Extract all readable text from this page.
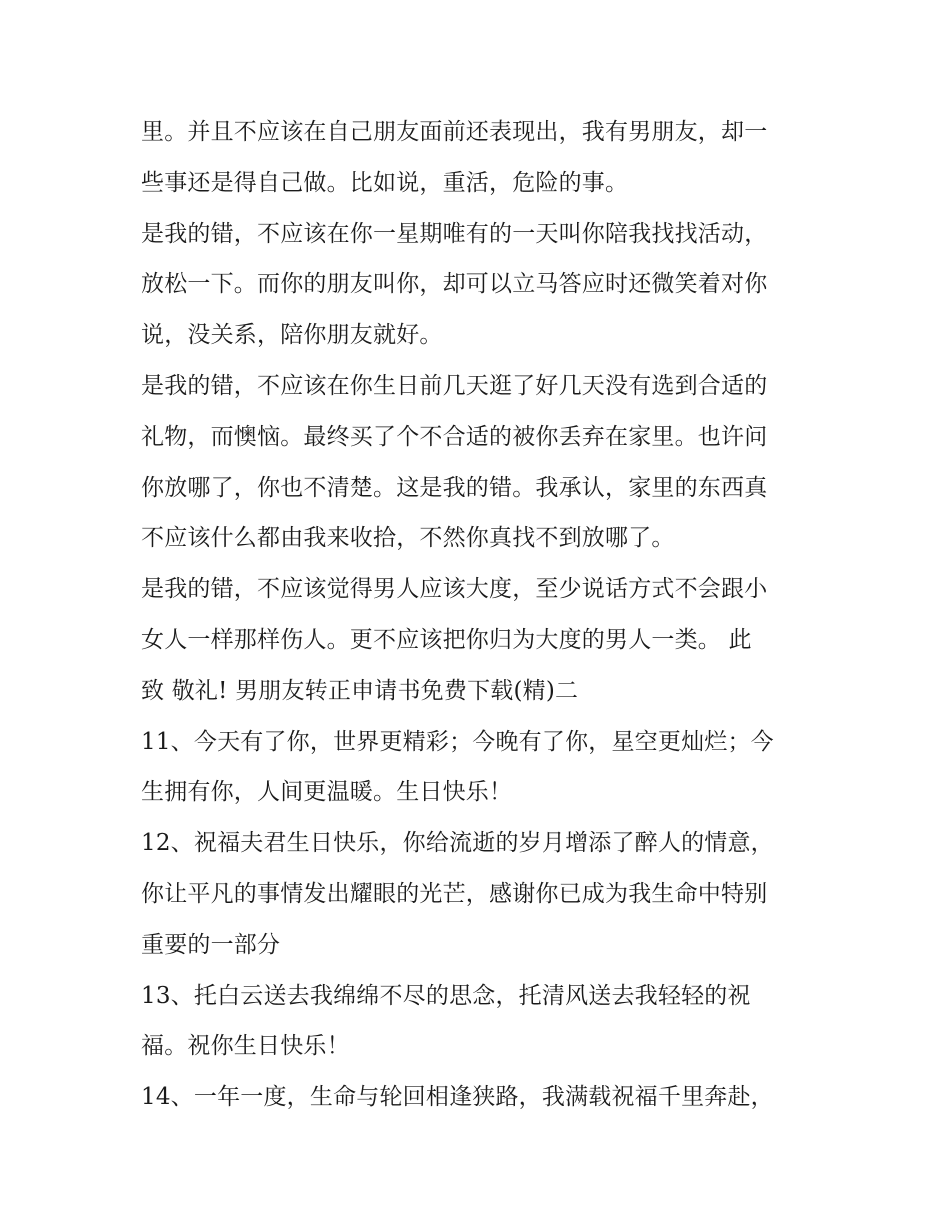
里。并且不应该在自己朋友面前还表现出，我有男朋友，却一
些事还是得自己做。比如说，重活，危险的事。
是我的错，不应该在你一星期唯有的一天叫你陪我找找活动，
放松一下。而你的朋友叫你，却可以立马答应时还微笑着对你
说，没关系，陪你朋友就好。
是我的错，不应该在你生日前几天逛了好几天没有选到合适的
礼物，而懊恼。最终买了个不合适的被你丢弃在家里。也许问
你放哪了，你也不清楚。这是我的错。我承认，家里的东西真
不应该什么都由我来收拾，不然你真找不到放哪了。
是我的错，不应该觉得男人应该大度，至少说话方式不会跟小
女人一样那样伤人。更不应该把你归为大度的男人一类。 此
致 敬礼! 男朋友转正申请书免费下载(精)二
11、今天有了你，世界更精彩；今晚有了你，星空更灿烂；今
生拥有你，人间更温暖。生日快乐！
12、祝福夫君生日快乐，你给流逝的岁月增添了醉人的情意，
你让平凡的事情发出耀眼的光芒，感谢你已成为我生命中特别
重要的一部分
13、托白云送去我绵绵不尽的思念，托清风送去我轻轻的祝
福。祝你生日快乐！
14、一年一度，生命与轮回相逢狭路，我满载祝福千里奔赴，
